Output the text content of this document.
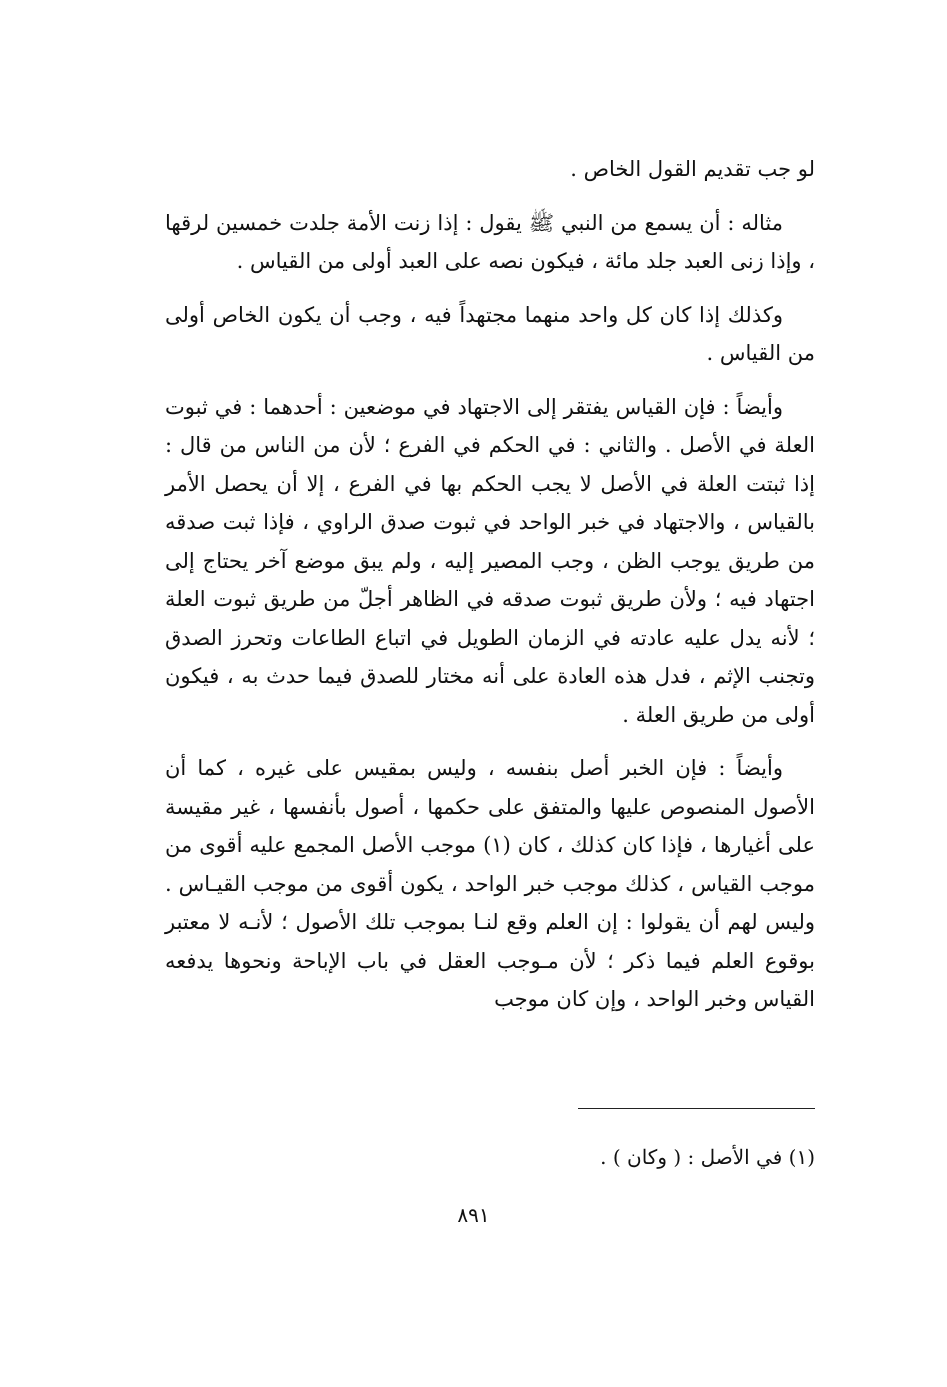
لو جب تقديم القول الخاص .

مثاله : أن يسمع من النبي ﷺ يقول : إذا زنت الأمة جلدت خمسين لرقها ، وإذا زنى العبد جلد مائة ، فيكون نصه على العبد أولى من القياس .

وكذلك إذا كان كل واحد منهما مجتهداً فيه ، وجب أن يكون الخاص أولى من القياس .

وأيضاً : فإن القياس يفتقر إلى الاجتهاد في موضعين : أحدهما : في ثبوت العلة في الأصل . والثاني : في الحكم في الفرع ؛ لأن من الناس من قال : إذا ثبتت العلة في الأصل لا يجب الحكم بها في الفرع ، إلا أن يحصل الأمر بالقياس ، والاجتهاد في خبر الواحد في ثبوت صدق الراوي ، فإذا ثبت صدقه من طريق يوجب الظن ، وجب المصير إليه ، ولم يبق موضع آخر يحتاج إلى اجتهاد فيه ؛ ولأن طريق ثبوت صدقه في الظاهر أجلّ من طريق ثبوت العلة ؛ لأنه يدل عليه عادته في الزمان الطويل في اتباع الطاعات وتحرز الصدق وتجنب الإثم ، فدل هذه العادة على أنه مختار للصدق فيما حدث به ، فيكون أولى من طريق العلة .

وأيضاً : فإن الخبر أصل بنفسه ، وليس بمقيس على غيره ، كما أن الأصول المنصوص عليها والمتفق على حكمها ، أصول بأنفسها ، غير مقيسة على أغيارها ، فإذا كان كذلك ، كان (١) موجب الأصل المجمع عليه أقوى من موجب القياس ، كذلك موجب خبر الواحد ، يكون أقوى من موجب القيـاس . وليس لهم أن يقولوا : إن العلم وقع لنـا بموجب تلك الأصول ؛ لأنـه لا معتبر بوقوع العلم فيما ذكر ؛ لأن مـوجب العقل في باب الإباحة ونحوها يدفعه القياس وخبر الواحد ، وإن كان موجب

(١) في الأصل : ( وكان ) .
٨٩١
